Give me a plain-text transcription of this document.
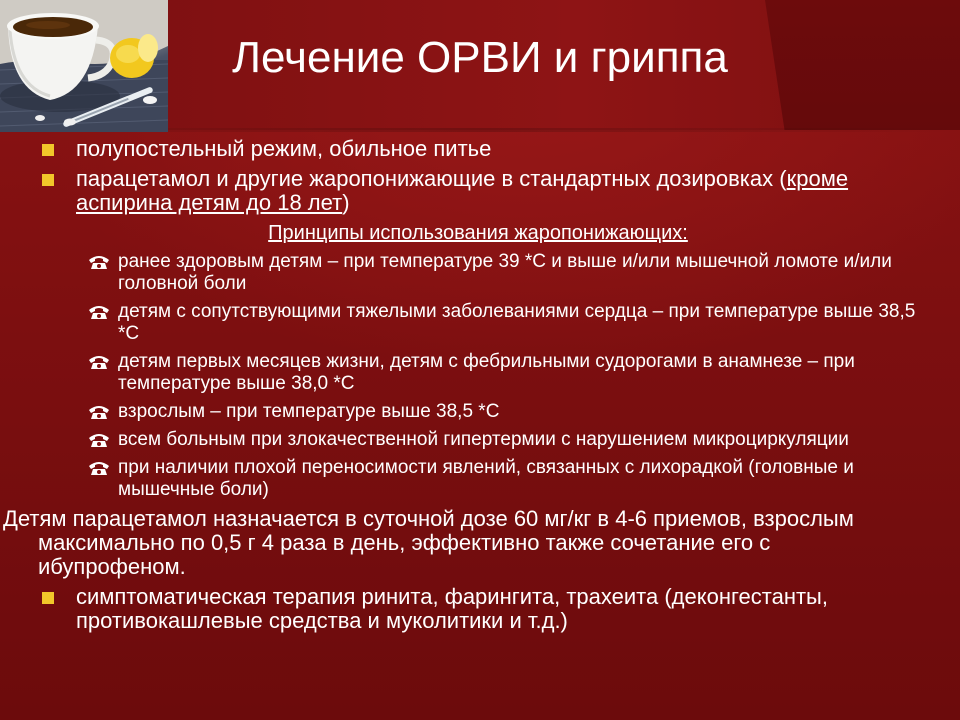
Лечение ОРВИ и гриппа
полупостельный режим, обильное питье
парацетамол и другие жаропонижающие в стандартных дозировках (кроме аспирина детям до 18 лет)
Принципы использования жаропонижающих:
ранее здоровым детям – при температуре 39 *С и выше и/или мышечной ломоте и/или головной боли
детям с сопутствующими тяжелыми заболеваниями сердца – при температуре выше 38,5 *С
детям первых месяцев жизни, детям с фебрильными судорогами в анамнезе – при температуре выше 38,0 *С
взрослым – при температуре выше 38,5 *С
всем больным при злокачественной гипертермии с нарушением микроциркуляции
при наличии плохой переносимости явлений, связанных с лихорадкой (головные и мышечные боли)
Детям парацетамол назначается в суточной дозе 60 мг/кг в 4-6 приемов, взрослым
максимально по 0,5 г 4 раза в день, эффективно также сочетание его с ибупрофеном.
симптоматическая терапия ринита, фарингита, трахеита (деконгестанты, противокашлевые средства и муколитики и т.д.)
